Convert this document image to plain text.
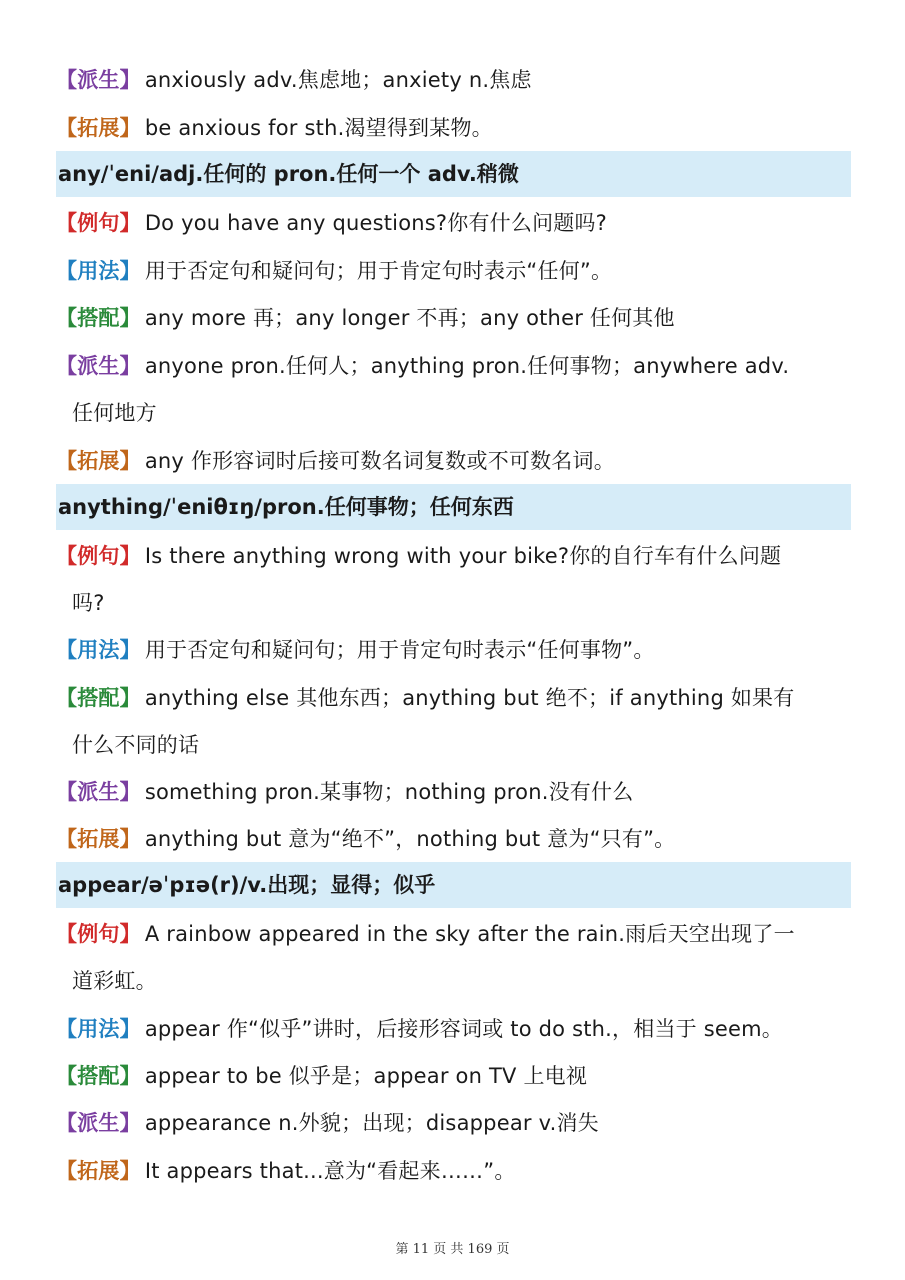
【派生】 anxiously adv.焦虑地；anxiety n.焦虑
【拓展】 be anxious for sth.渴望得到某物。
any/ˈeni/adj.任何的 pron.任何一个 adv.稍微
【例句】 Do you have any questions?你有什么问题吗?
【用法】 用于否定句和疑问句；用于肯定句时表示“任何”。
【搭配】 any more 再；any longer 不再；any other 任何其他
【派生】 anyone pron.任何人；anything pron.任何事物；anywhere adv.
任何地方
【拓展】 any 作形容词时后接可数名词复数或不可数名词。
anything/ˈeniθɪŋ/pron.任何事物；任何东西
【例句】 Is there anything wrong with your bike?你的自行车有什么问题
吗?
【用法】 用于否定句和疑问句；用于肯定句时表示“任何事物”。
【搭配】 anything else 其他东西；anything but 绝不；if anything 如果有
什么不同的话
【派生】 something pron.某事物；nothing pron.没有什么
【拓展】 anything but 意为“绝不”，nothing but 意为“只有”。
appear/əˈpɪə(r)/v.出现；显得；似乎
【例句】 A rainbow appeared in the sky after the rain.雨后天空出现了一
道彩虹。
【用法】 appear 作“似乎”讲时，后接形容词或 to do sth.，相当于 seem。
【搭配】 appear to be 似乎是；appear on TV 上电视
【派生】 appearance n.外貌；出现；disappear v.消失
【拓展】 It appears that...意为“看起来……”。
第 11 页 共 169 页
